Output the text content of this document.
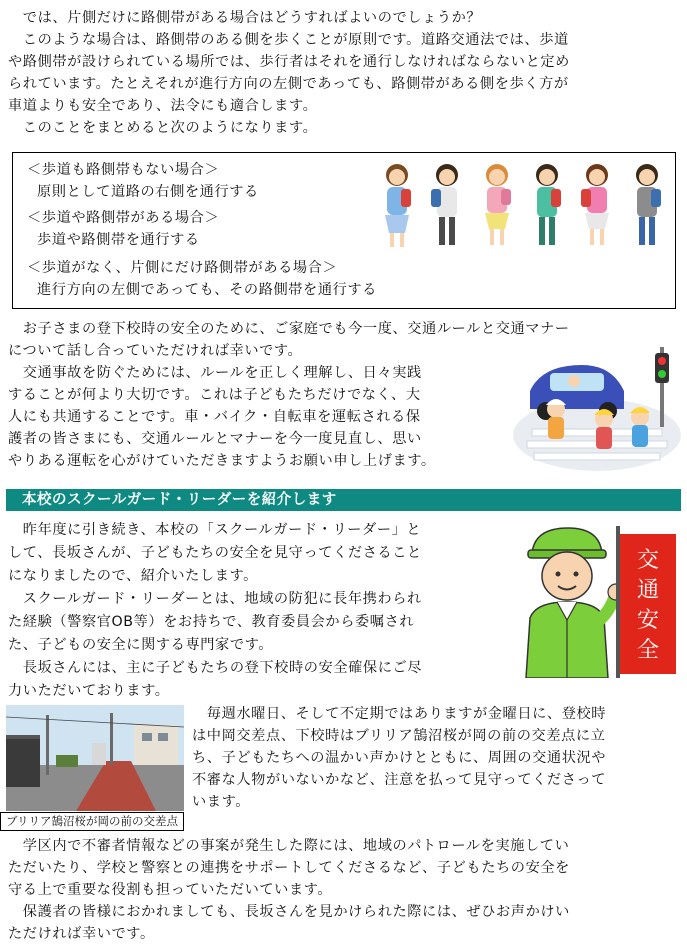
　では、片側だけに路側帯がある場合はどうすればよいのでしょうか？

　このような場合は、路側帯のある側を歩くことが原則です。道路交通法では、歩道

や路側帯が設けられている場所では、歩行者はそれを通行しなければならないと定め

られています。たとえそれが進行方向の左側であっても、路側帯がある側を歩く方が

車道よりも安全であり、法令にも適合します。

　このことをまとめると次のようになります。

＜歩道も路側帯もない場合＞
原則として道路の右側を通行する
＜歩道や路側帯がある場合＞
歩道や路側帯を通行する
＜歩道がなく、片側にだけ路側帯がある場合＞
進行方向の左側であっても、その路側帯を通行する

　お子さまの登下校時の安全のために、ご家庭でも今一度、交通ルールと交通マナー

について話し合っていただければ幸いです。

　交通事故を防ぐためには、ルールを正しく理解し、日々実践

することが何より大切です。これは子どもたちだけでなく、大

人にも共通することです。車・バイク・自転車を運転される保

護者の皆さまにも、交通ルールとマナーを今一度見直し、思い

やりある運転を心がけていただきますようお願い申し上げます。

本校のスクールガード・リーダーを紹介します

　昨年度に引き続き、本校の「スクールガード・リーダー」と

して、長坂さんが、子どもたちの安全を見守ってくださること

になりましたので、紹介いたします。

　スクールガード・リーダーとは、地域の防犯に長年携わられ

た経験（警察官OB等）をお持ちで、教育委員会から委嘱され

た、子どもの安全に関する専門家です。

　長坂さんには、主に子どもたちの登下校時の安全確保にご尽

力いただいております。

交
通
安
全
ブリリア鵠沼桜が岡の前の交差点

　毎週水曜日、そして不定期ではありますが金曜日に、登校時

は中岡交差点、下校時はブリリア鵠沼桜が岡の前の交差点に立

ち、子どもたちへの温かい声かけとともに、周囲の交通状況や

不審な人物がいないかなど、注意を払って見守ってくださって

います。

　学区内で不審者情報などの事案が発生した際には、地域のパトロールを実施してい

ただいたり、学校と警察との連携をサポートしてくださるなど、子どもたちの安全を

守る上で重要な役割も担っていただいています。

　保護者の皆様におかれましても、長坂さんを見かけられた際には、ぜひお声かけい

ただければ幸いです。
